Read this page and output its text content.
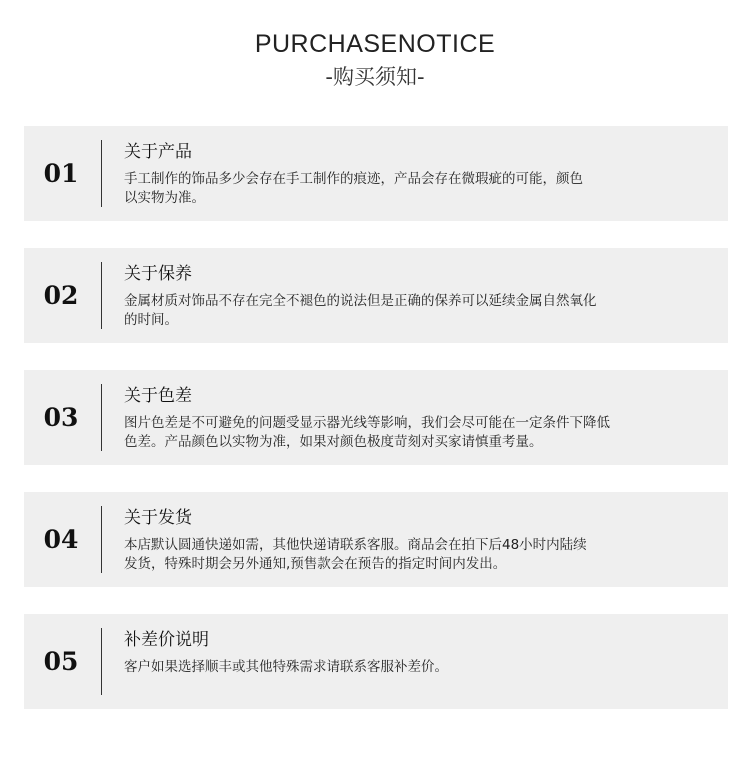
PURCHASENOTICE
-购买须知-
01
关于产品
手工制作的饰品多少会存在手工制作的痕迹，产品会存在微瑕疵的可能，颜色
以实物为准。
02
关于保养
金属材质对饰品不存在完全不褪色的说法但是正确的保养可以延续金属自然氧化
的时间。
03
关于色差
图片色差是不可避免的问题受显示器光线等影响，我们会尽可能在一定条件下降低
色差。产品颜色以实物为准，如果对颜色极度苛刻对买家请慎重考量。
04
关于发货
本店默认圆通快递如需，其他快递请联系客服。商品会在拍下后48小时内陆续
发货，特殊时期会另外通知,预售款会在预告的指定时间内发出。
05
补差价说明
客户如果选择顺丰或其他特殊需求请联系客服补差价。
